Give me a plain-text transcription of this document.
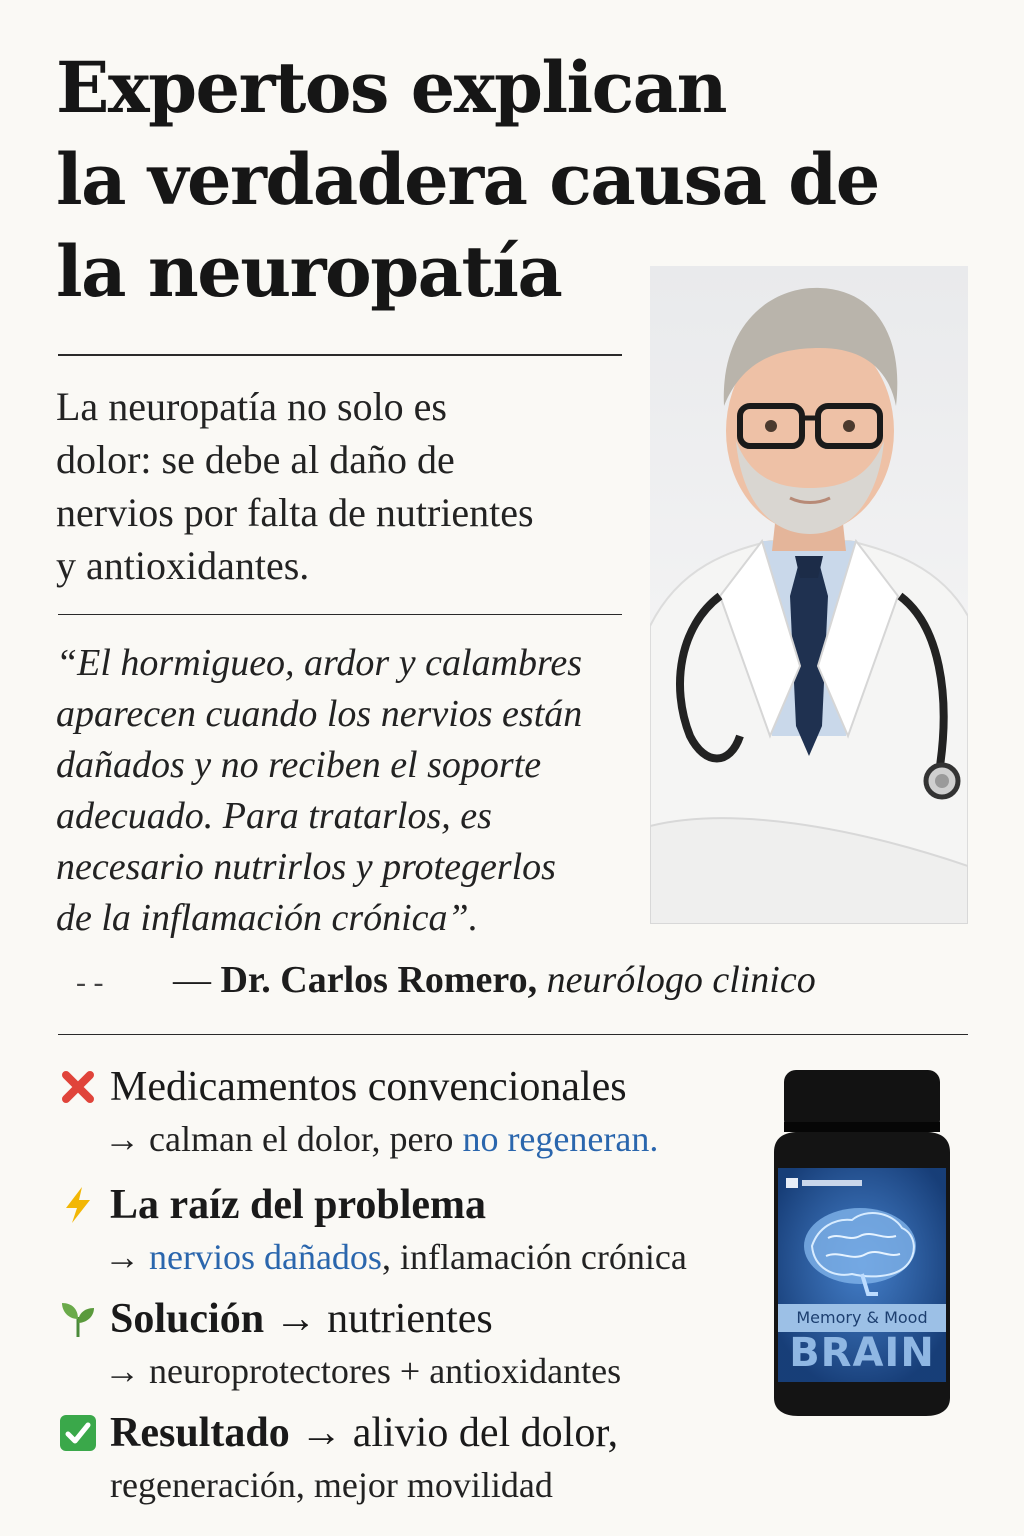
Expertos explican
la verdadera causa de
la neuropatía

La neuropatía no solo es
dolor: se debe al daño de
nervios por falta de nutrientes
y antioxidantes.

“El hormigueo, ardor y calambres
aparecen cuando los nervios están
dañados y no reciben el soporte
adecuado. Para tratarlos, es
necesario nutrirlos y protegerlos
de la inflamación crónica”.

- - — Dr. Carlos Romero, neurólogo clinico
Medicamentos convencionales
→ calman el dolor, pero no regeneran.
La raíz del problema
→ nervios dañados, inflamación crónica
Solución
→ nutrientes
→ neuroprotectores + antioxidantes
Resultado
→ alivio del dolor,
regeneración, mejor movilidad
Memory & Mood
BRAIN
